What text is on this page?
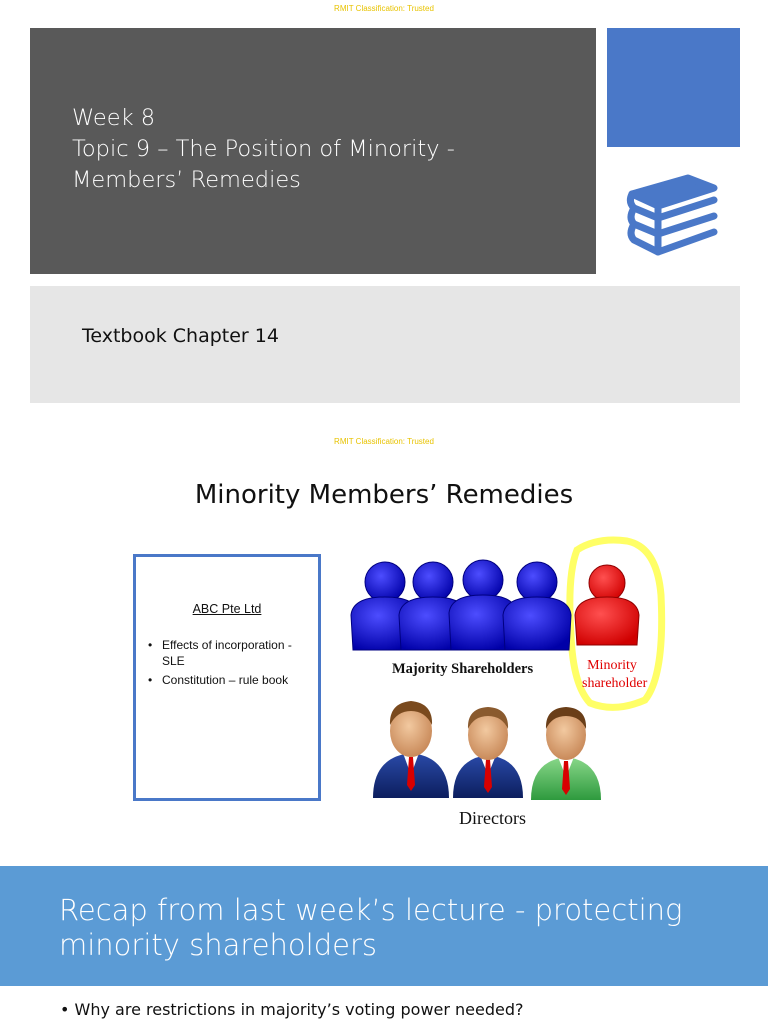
RMIT Classification: Trusted
Week 8
Topic 9 – The Position of Minority -
Members’ Remedies
Textbook Chapter 14
RMIT Classification: Trusted
Minority Members’ Remedies
ABC Pte Ltd
• Effects of incorporation - SLE
• Constitution – rule book
Majority Shareholders	Minority
shareholder
Directors
Recap from last week’s lecture - protecting
minority shareholders
• Why are restrictions in majority’s voting power needed?
